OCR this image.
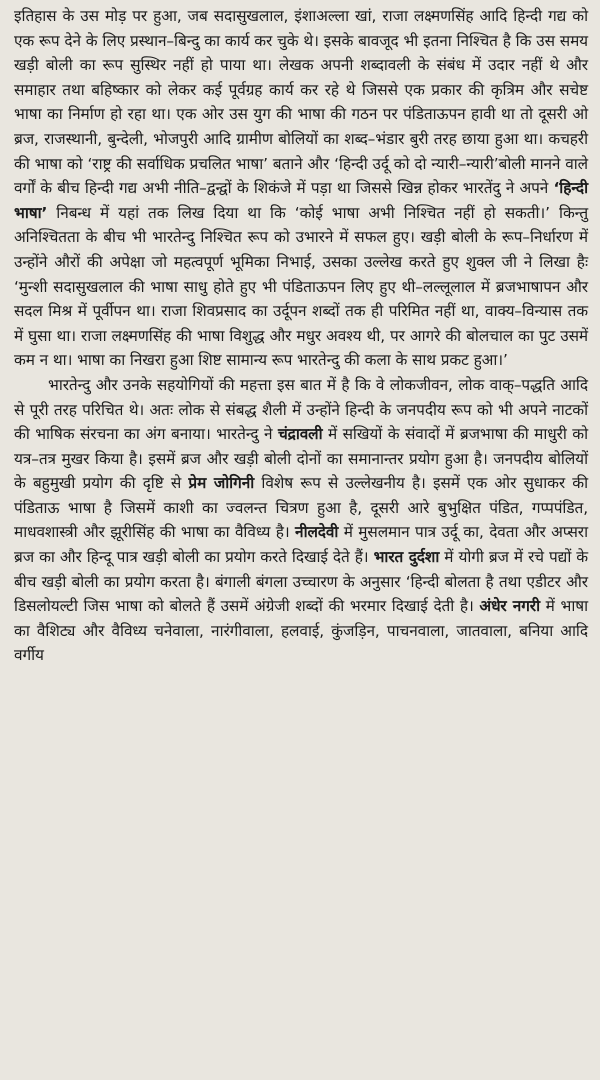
इतिहास के उस मोड़ पर हुआ, जब सदासुखलाल, इंशाअल्ला खां, राजा लक्ष्मणसिंह आदि हिन्दी गद्य को एक रूप देने के लिए प्रस्थान–बिन्दु का कार्य कर चुके थे। इसके बावजूद भी इतना निश्चित है कि उस समय खड़ी बोली का रूप सुस्थिर नहीं हो पाया था। लेखक अपनी शब्दावली के संबंध में उदार नहीं थे और समाहार तथा बहिष्कार को लेकर कई पूर्वग्रह कार्य कर रहे थे जिससे एक प्रकार की कृत्रिम और सचेष्ट भाषा का निर्माण हो रहा था। एक ओर उस युग की भाषा की गठन पर पंडिताऊपन हावी था तो दूसरी ओ ब्रज, राजस्थानी, बुन्देली, भोजपुरी आदि ग्रामीण बोलियों का शब्द–भंडार बुरी तरह छाया हुआ था। कचहरी की भाषा को ‘राष्ट्र की सर्वाधिक प्रचलित भाषा’ बताने और ‘हिन्दी उर्दू को दो न्यारी–न्यारी’बोली मानने वाले वर्गों के बीच हिन्दी गद्य अभी नीति–द्वन्द्वों के शिकंजे में पड़ा था जिससे खिन्न होकर भारतेंदु ने अपने ‘हिन्दी भाषा’ निबन्ध में यहां तक लिख दिया था कि ‘कोई भाषा अभी निश्चित नहीं हो सकती।’ किन्तु अनिश्चितता के बीच भी भारतेन्दु निश्चित रूप को उभारने में सफल हुए। खड़ी बोली के रूप–निर्धारण में उन्होंने औरों की अपेक्षा जो महत्वपूर्ण भूमिका निभाई, उसका उल्लेख करते हुए शुक्ल जी ने लिखा हैः ‘मुन्शी सदासुखलाल की भाषा साधु होते हुए भी पंडिताऊपन लिए हुए थी–लल्लूलाल में ब्रजभाषापन और सदल मिश्र में पूर्वीपन था। राजा शिवप्रसाद का उर्दूपन शब्दों तक ही परिमित नहीं था, वाक्य–विन्यास तक में घुसा था। राजा लक्ष्मणसिंह की भाषा विशुद्ध और मधुर अवश्य थी, पर आगरे की बोलचाल का पुट उसमें कम न था। भाषा का निखरा हुआ शिष्ट सामान्य रूप भारतेन्दु की कला के साथ प्रकट हुआ।’

भारतेन्दु और उनके सहयोगियों की महत्ता इस बात में है कि वे लोकजीवन, लोक वाक्–पद्धति आदि से पूरी तरह परिचित थे। अतः लोक से संबद्ध शैली में उन्होंने हिन्दी के जनपदीय रूप को भी अपने नाटकों की भाषिक संरचना का अंग बनाया। भारतेन्दु ने चंद्रावली में सखियों के संवादों में ब्रजभाषा की माधुरी को यत्र–तत्र मुखर किया है। इसमें ब्रज और खड़ी बोली दोनों का समानान्तर प्रयोग हुआ है। जनपदीय बोलियों के बहुमुखी प्रयोग की दृष्टि से प्रेम जोगिनी विशेष रूप से उल्लेखनीय है। इसमें एक ओर सुधाकर की पंडिताऊ भाषा है जिसमें काशी का ज्वलन्त चित्रण हुआ है, दूसरी आरे बुभुक्षित पंडित, गप्पपंडित, माधवशास्त्री और झूरीसिंह की भाषा का वैविध्य है। नीलदेवी में मुसलमान पात्र उर्दू का, देवता और अप्सरा ब्रज का और हिन्दू पात्र खड़ी बोली का प्रयोग करते दिखाई देते हैं। भारत दुर्दशा में योगी ब्रज में रचे पद्यों के बीच खड़ी बोली का प्रयोग करता है। बंगाली बंगला उच्चारण के अनुसार ‘हिन्दी बोलता है तथा एडीटर और डिसलोयल्टी जिस भाषा को बोलते हैं उसमें अंग्रेजी शब्दों की भरमार दिखाई देती है। अंधेर नगरी में भाषा का वैशिट्य और वैविध्य चनेवाला, नारंगीवाला, हलवाई, कुंजड़िन, पाचनवाला, जातवाला, बनिया आदि वर्गीय
